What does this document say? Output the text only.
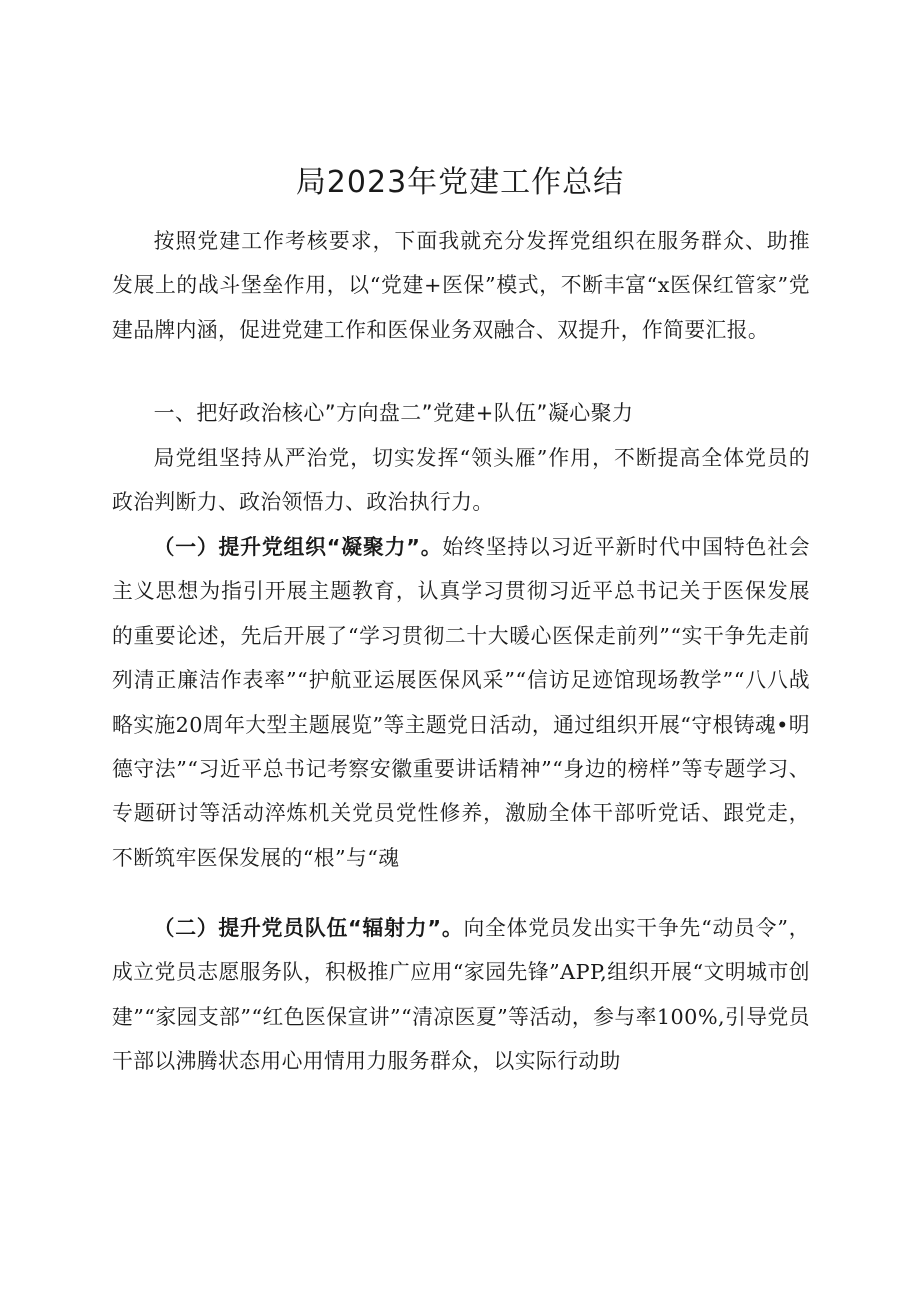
局2023年党建工作总结

按照党建工作考核要求，下面我就充分发挥党组织在服务群众、助推发展上的战斗堡垒作用，以“党建+医保”模式，不断丰富“x医保红管家”党建品牌内涵，促进党建工作和医保业务双融合、双提升，作简要汇报。

一、把好政治核心”方向盘二”党建+队伍”凝心聚力

局党组坚持从严治党，切实发挥“领头雁”作用，不断提高全体党员的政治判断力、政治领悟力、政治执行力。

（一）提升党组织“凝聚力”。始终坚持以习近平新时代中国特色社会主义思想为指引开展主题教育，认真学习贯彻习近平总书记关于医保发展的重要论述，先后开展了“学习贯彻二十大暖心医保走前列”“实干争先走前列清正廉洁作表率”“护航亚运展医保风采”“信访足迹馆现场教学”“八八战略实施20周年大型主题展览”等主题党日活动，通过组织开展“守根铸魂•明德守法”“习近平总书记考察安徽重要讲话精神”“身边的榜样”等专题学习、专题研讨等活动淬炼机关党员党性修养，激励全体干部听党话、跟党走，不断筑牢医保发展的“根”与“魂

（二）提升党员队伍“辐射力”。向全体党员发出实干争先“动员令”，成立党员志愿服务队，积极推广应用“家园先锋”APP,组织开展“文明城市创建”“家园支部”“红色医保宣讲”“清凉医夏”等活动，参与率100%,引导党员干部以沸腾状态用心用情用力服务群众，以实际行动助
